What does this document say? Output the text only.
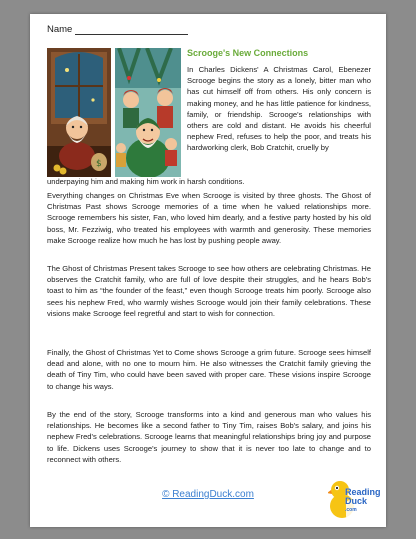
Name
$
Scrooge's New Connections

In Charles Dickens' A Christmas Carol, Ebenezer Scrooge begins the story as a lonely, bitter man who has cut himself off from others. His only concern is making money, and he has little patience for kindness, family, or friendship. Scrooge's relationships with others are cold and distant. He avoids his cheerful nephew Fred, refuses to help the poor, and treats his hardworking clerk, Bob Cratchit, cruelly by

underpaying him and making him work in harsh conditions.

Everything changes on Christmas Eve when Scrooge is visited by three ghosts. The Ghost of Christmas Past shows Scrooge memories of a time when he valued relationships more. Scrooge remembers his sister, Fan, who loved him dearly, and a festive party hosted by his old boss, Mr. Fezziwig, who treated his employees with warmth and generosity. These memories make Scrooge realize how much he has lost by pushing people away.

The Ghost of Christmas Present takes Scrooge to see how others are celebrating Christmas. He observes the Cratchit family, who are full of love despite their struggles, and he hears Bob's toast to him as “the founder of the feast,” even though Scrooge treats him poorly. Scrooge also sees his nephew Fred, who warmly wishes Scrooge would join their family celebrations. These visions make Scrooge feel regretful and start to wish for connection.

Finally, the Ghost of Christmas Yet to Come shows Scrooge a grim future. Scrooge sees himself dead and alone, with no one to mourn him. He also witnesses the Cratchit family grieving the death of Tiny Tim, who could have been saved with proper care. These visions inspire Scrooge to change his ways.

By the end of the story, Scrooge transforms into a kind and generous man who values his relationships. He becomes like a second father to Tiny Tim, raises Bob's salary, and joins his nephew Fred's celebrations. Scrooge learns that meaningful relationships bring joy and purpose to life. Dickens uses Scrooge's journey to show that it is never too late to change and to reconnect with others.

© ReadingDuck.com	Reading
Duck
.com
